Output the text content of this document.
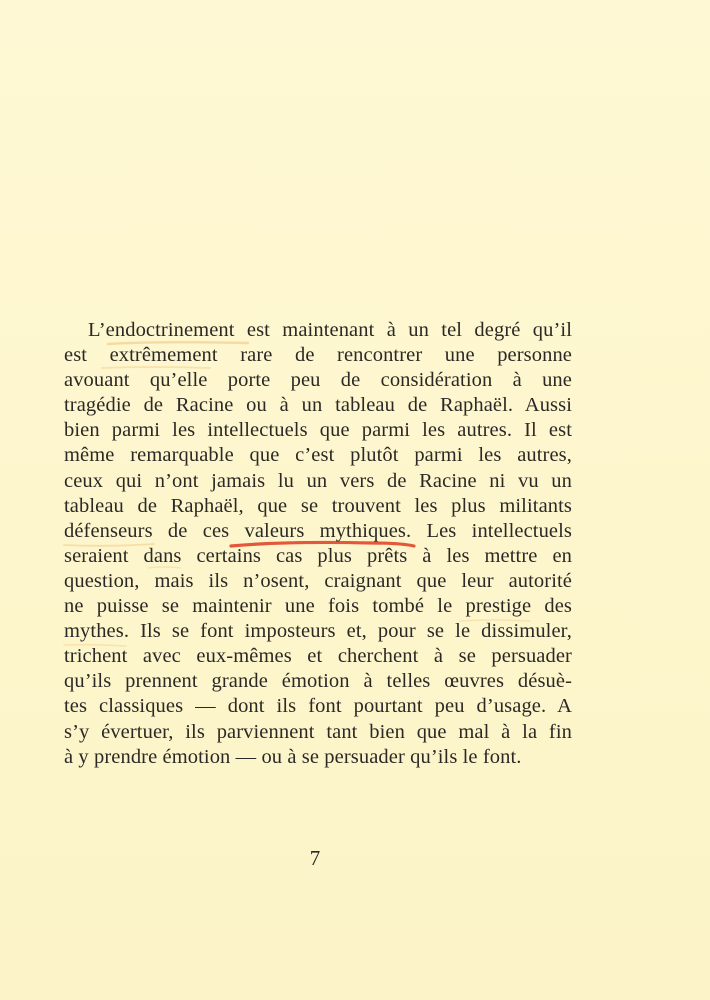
L’endoctrinement est maintenant à un tel degré qu’il
est extrêmement rare de rencontrer une personne
avouant qu’elle porte peu de considération à une
tragédie de Racine ou à un tableau de Raphaël. Aussi
bien parmi les intellectuels que parmi les autres. Il est
même remarquable que c’est plutôt parmi les autres,
ceux qui n’ont jamais lu un vers de Racine ni vu un
tableau de Raphaël, que se trouvent les plus militants
défenseurs de ces valeurs mythiques. Les intellectuels
seraient dans certains cas plus prêts à les mettre en
question, mais ils n’osent, craignant que leur autorité
ne puisse se maintenir une fois tombé le prestige des
mythes. Ils se font imposteurs et, pour se le dissimuler,
trichent avec eux-mêmes et cherchent à se persuader
qu’ils prennent grande émotion à telles œuvres désuè-
tes classiques — dont ils font pourtant peu d’usage. A
s’y évertuer, ils parviennent tant bien que mal à la fin
à y prendre émotion — ou à se persuader qu’ils le font.
7
